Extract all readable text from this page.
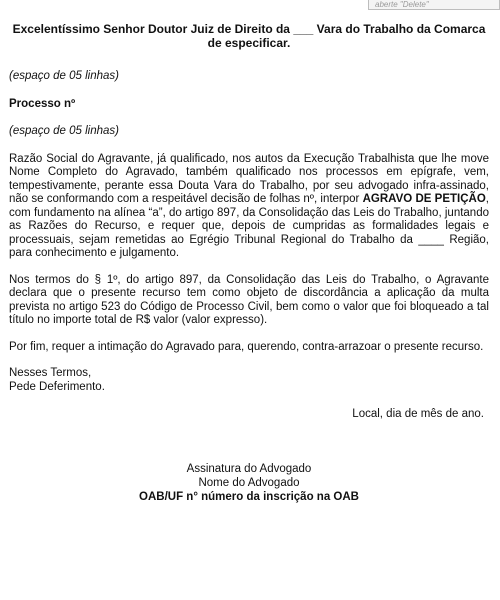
aberte "Delete"
Excelentíssimo Senhor Doutor Juiz de Direito da ___ Vara do Trabalho da Comarca
de especificar.
(espaço de 05 linhas)
Processo nº
(espaço de 05 linhas)

Razão Social do Agravante, já qualificado, nos autos da Execução Trabalhista que lhe move Nome Completo do Agravado, também qualificado nos processos em epígrafe, vem, tempestivamente, perante essa Douta Vara do Trabalho, por seu advogado infra-assinado, não se conformando com a respeitável decisão de folhas nº, interpor AGRAVO DE PETIÇÃO, com fundamento na alínea “a”, do artigo 897, da Consolidação das Leis do Trabalho, juntando as Razões do Recurso, e requer que, depois de cumpridas as formalidades legais e processuais, sejam remetidas ao Egrégio Tribunal Regional do Trabalho da ____ Região, para conhecimento e julgamento.

Nos termos do § 1º, do artigo 897, da Consolidação das Leis do Trabalho, o Agravante declara que o presente recurso tem como objeto de discordância a aplicação da multa prevista no artigo 523 do Código de Processo Civil, bem como o valor que foi bloqueado a tal título no importe total de R$ valor (valor expresso).

Por fim, requer a intimação do Agravado para, querendo, contra-arrazoar o presente recurso.

Nesses Termos,
Pede Deferimento.
Local, dia de mês de ano.
Assinatura do Advogado
Nome do Advogado
OAB/UF n° número da inscrição na OAB
